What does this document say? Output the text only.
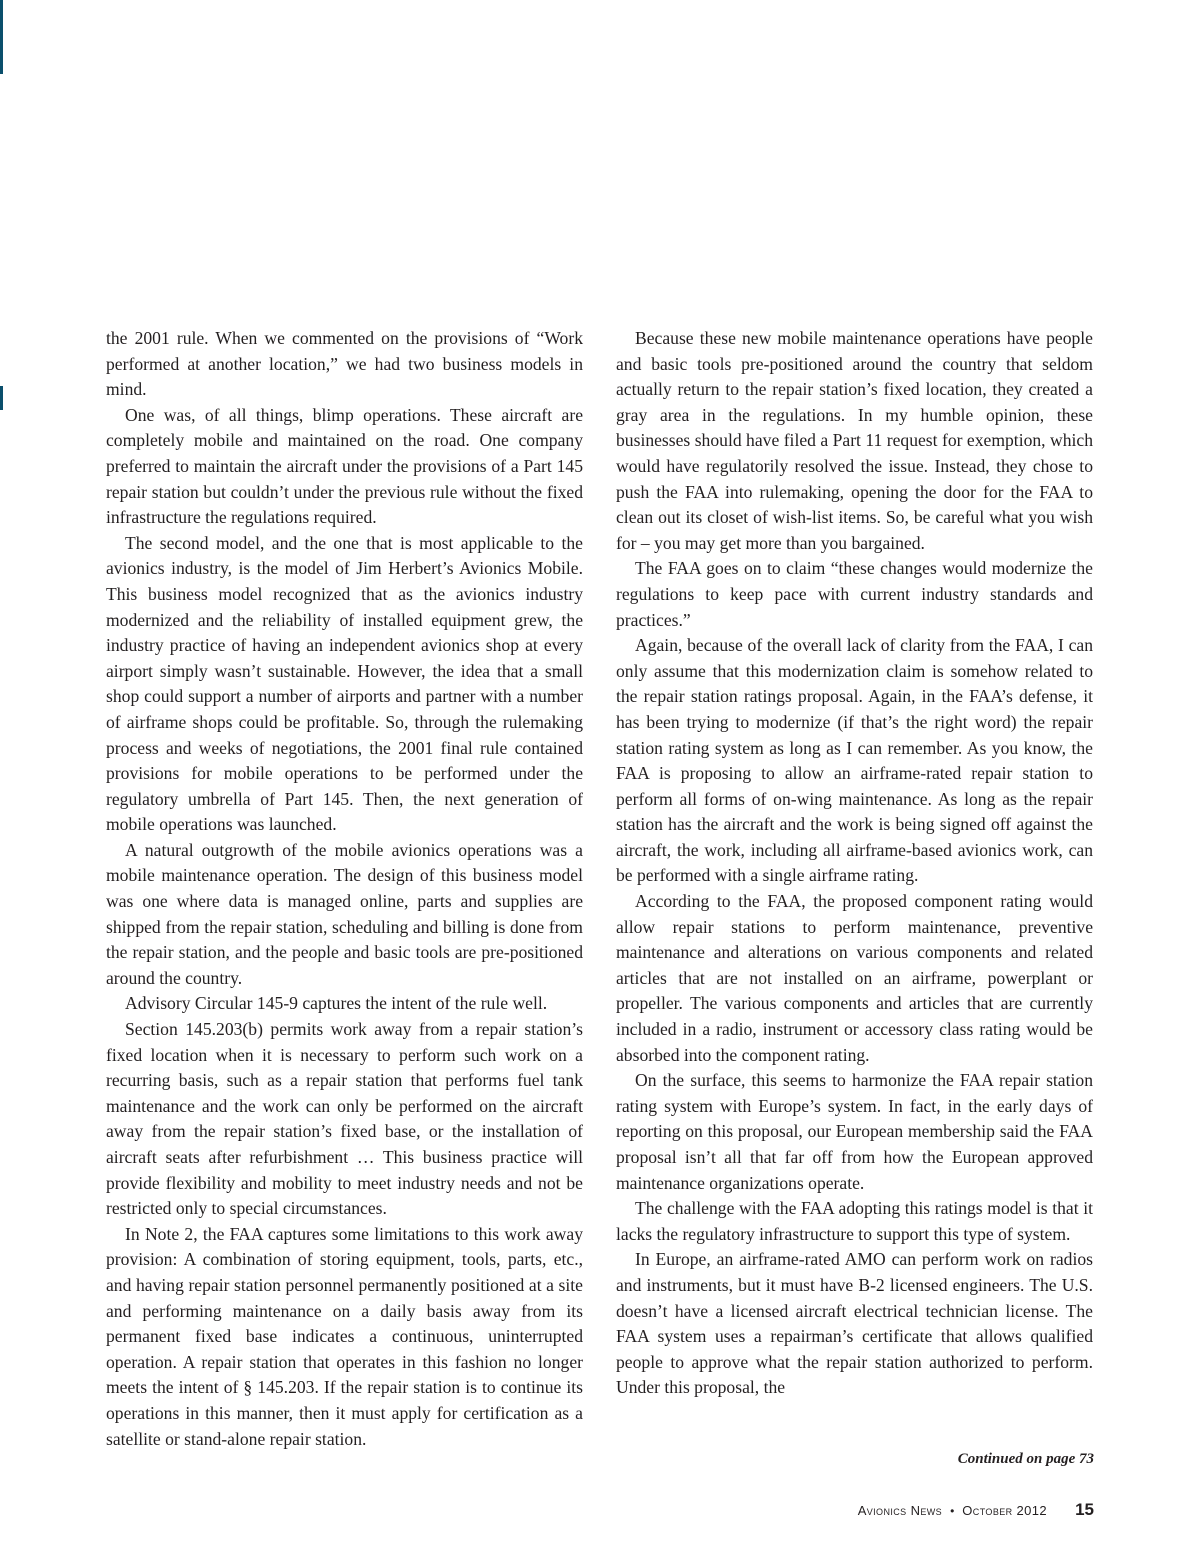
the 2001 rule. When we commented on the provisions of “Work performed at another location,” we had two business models in mind.

One was, of all things, blimp operations. These aircraft are completely mobile and maintained on the road. One company preferred to maintain the aircraft under the provisions of a Part 145 repair station but couldn’t under the previous rule without the fixed infrastructure the regulations required.

The second model, and the one that is most applicable to the avionics industry, is the model of Jim Herbert’s Avionics Mobile. This business model recognized that as the avionics industry modernized and the reliability of installed equipment grew, the industry practice of having an independent avionics shop at every airport simply wasn’t sustainable. However, the idea that a small shop could support a number of airports and partner with a number of airframe shops could be profitable. So, through the rulemaking process and weeks of negotiations, the 2001 final rule contained provisions for mobile operations to be performed under the regulatory umbrella of Part 145. Then, the next generation of mobile operations was launched.

A natural outgrowth of the mobile avionics operations was a mobile maintenance operation. The design of this business model was one where data is managed online, parts and supplies are shipped from the repair station, scheduling and billing is done from the repair station, and the people and basic tools are pre-positioned around the country.

Advisory Circular 145-9 captures the intent of the rule well.

Section 145.203(b) permits work away from a repair station’s fixed location when it is necessary to perform such work on a recurring basis, such as a repair station that performs fuel tank maintenance and the work can only be performed on the aircraft away from the repair station’s fixed base, or the installation of aircraft seats after refurbishment … This business practice will provide flexibility and mobility to meet industry needs and not be restricted only to special circumstances.

In Note 2, the FAA captures some limitations to this work away provision: A combination of storing equipment, tools, parts, etc., and having repair station personnel permanently positioned at a site and performing maintenance on a daily basis away from its permanent fixed base indicates a continuous, uninterrupted operation. A repair station that operates in this fashion no longer meets the intent of § 145.203. If the repair station is to continue its operations in this manner, then it must apply for certification as a satellite or stand-alone repair station.

Because these new mobile maintenance operations have people and basic tools pre-positioned around the country that seldom actually return to the repair station’s fixed location, they created a gray area in the regulations. In my humble opinion, these businesses should have filed a Part 11 request for exemption, which would have regulatorily resolved the issue. Instead, they chose to push the FAA into rulemaking, opening the door for the FAA to clean out its closet of wish-list items. So, be careful what you wish for – you may get more than you bargained.

The FAA goes on to claim “these changes would modernize the regulations to keep pace with current industry standards and practices.”

Again, because of the overall lack of clarity from the FAA, I can only assume that this modernization claim is somehow related to the repair station ratings proposal. Again, in the FAA’s defense, it has been trying to modernize (if that’s the right word) the repair station rating system as long as I can remember. As you know, the FAA is proposing to allow an airframe-rated repair station to perform all forms of on-wing maintenance. As long as the repair station has the aircraft and the work is being signed off against the aircraft, the work, including all airframe-based avionics work, can be performed with a single airframe rating.

According to the FAA, the proposed component rating would allow repair stations to perform maintenance, preventive maintenance and alterations on various components and related articles that are not installed on an airframe, powerplant or propeller. The various components and articles that are currently included in a radio, instrument or accessory class rating would be absorbed into the component rating.

On the surface, this seems to harmonize the FAA repair station rating system with Europe’s system. In fact, in the early days of reporting on this proposal, our European membership said the FAA proposal isn’t all that far off from how the European approved maintenance organizations operate.

The challenge with the FAA adopting this ratings model is that it lacks the regulatory infrastructure to support this type of system.

In Europe, an airframe-rated AMO can perform work on radios and instruments, but it must have B-2 licensed engineers. The U.S. doesn’t have a licensed aircraft electrical technician license. The FAA system uses a repairman’s certificate that allows qualified people to approve what the repair station authorized to perform. Under this proposal, the

Continued on page 73
Avionics News • October 2012 15
